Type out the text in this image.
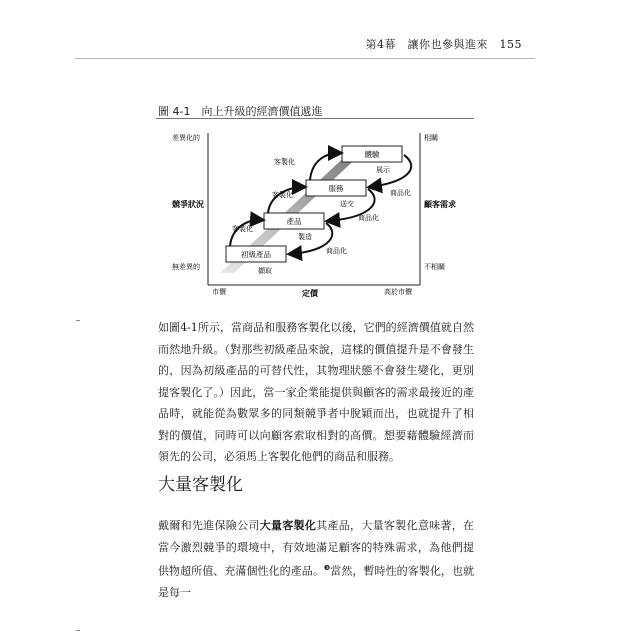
第4幕　讓你也參與進來　155
圖 4-1　向上升級的經濟價值遞進
差異化的
競爭狀況
無差異的
相關
顧客需求
不相關
市價	定價	高於市價
初級產品
產品
服務
體驗
擷取
製造
送交
展示
客製化
客製化
客製化
商品化
商品化
商品化
如圖4-1所示，當商品和服務客製化以後，它們的經濟價值就自然而然地升級。（對那些初級產品來說，這樣的價值提升是不會發生的，因為初級產品的可替代性，其物理狀態不會發生變化，更別提客製化了。）因此，當一家企業能提供與顧客的需求最接近的產品時，就能從為數眾多的同類競爭者中脫穎而出，也就提升了相對的價值，同時可以向顧客索取相對的高價。想要藉體驗經濟而領先的公司，必須馬上客製化他們的商品和服務。
大量客製化
戴爾和先進保險公司大量客製化其產品，大量客製化意味著，在當今激烈競爭的環境中，有效地滿足顧客的特殊需求，為他們提供物超所值、充滿個性化的產品。$^❸$當然，暫時性的客製化，也就是每一
